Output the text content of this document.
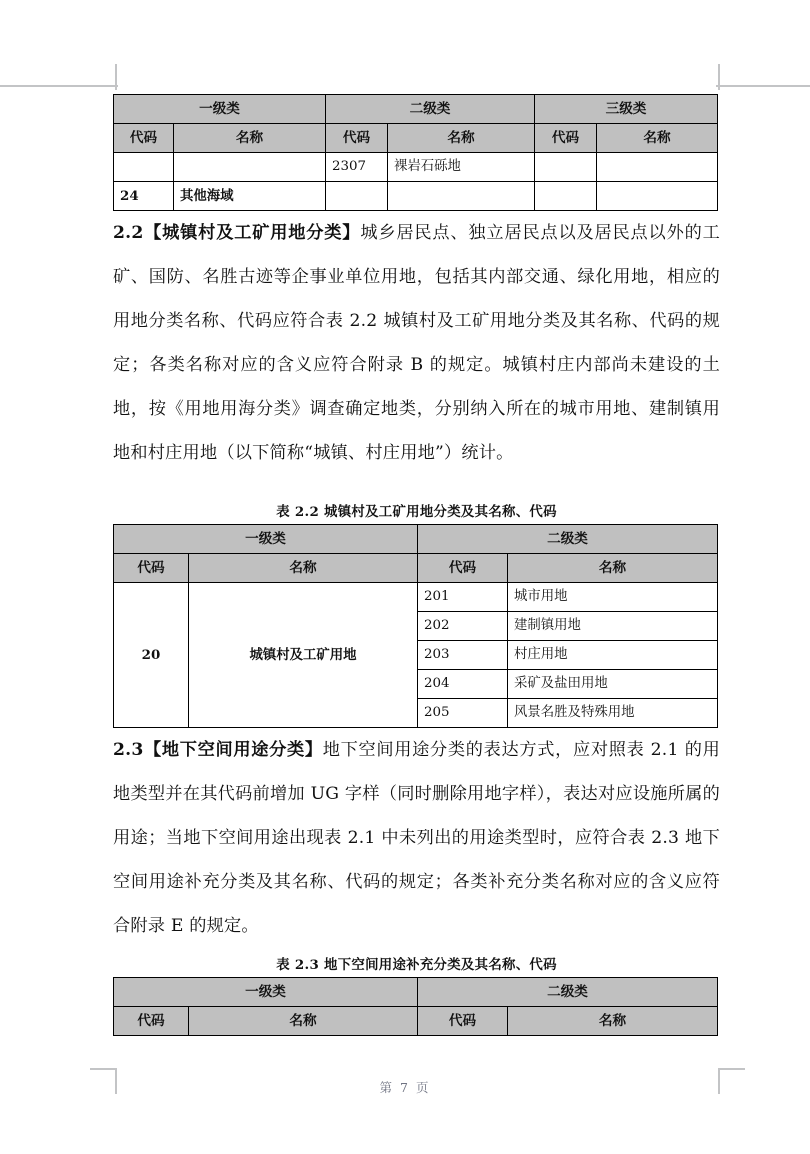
一级类		二级类		三级类	
代码	名称	代码	名称	代码	名称
		2307	裸岩石砾地		
24	其他海域				

2.2【城镇村及工矿用地分类】城乡居民点、独立居民点以及居民点以外的工矿、国防、名胜古迹等企事业单位用地，包括其内部交通、绿化用地，相应的用地分类名称、代码应符合表 2.2 城镇村及工矿用地分类及其名称、代码的规定；各类名称对应的含义应符合附录 B 的规定。城镇村庄内部尚未建设的土地，按《用地用海分类》调查确定地类，分别纳入所在的城市用地、建制镇用地和村庄用地（以下简称“城镇、村庄用地”）统计。

表 2.2 城镇村及工矿用地分类及其名称、代码
一级类		二级类	
代码	名称	代码	名称
20	城镇村及工矿用地	201	城市用地
		202	建制镇用地
		203	村庄用地
		204	采矿及盐田用地
		205	风景名胜及特殊用地

2.3【地下空间用途分类】地下空间用途分类的表达方式，应对照表 2.1 的用地类型并在其代码前增加 UG 字样（同时删除用地字样），表达对应设施所属的用途；当地下空间用途出现表 2.1 中未列出的用途类型时，应符合表 2.3 地下空间用途补充分类及其名称、代码的规定；各类补充分类名称对应的含义应符合附录 E 的规定。

表 2.3 地下空间用途补充分类及其名称、代码
一级类		二级类	
代码	名称	代码	名称
第 7 页
